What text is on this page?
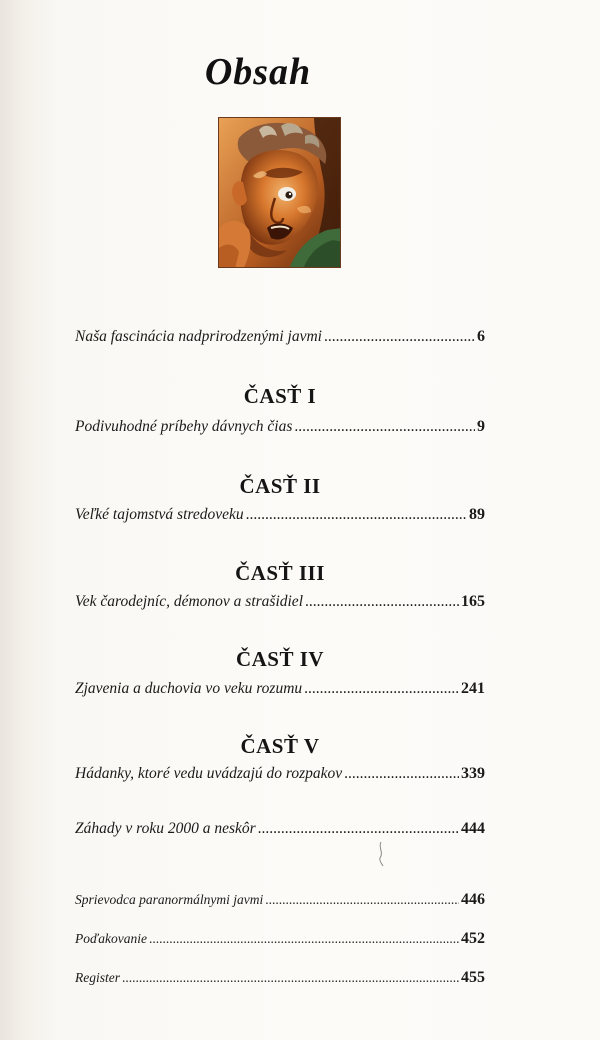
Obsah
Naša fascinácia nadprirodzenými javmi .....	6
ČASŤ I
Podivuhodné príbehy dávnych čias .....	9
ČASŤ II
Veľké tajomstvá stredoveku .....	89
ČASŤ III
Vek čarodejníc, démonov a strašidiel .....	165
ČASŤ IV
Zjavenia a duchovia vo veku rozumu .....	241
ČASŤ V
Hádanky, ktoré vedu uvádzajú do rozpakov .....	339
Záhady v roku 2000 a neskôr .....	444
Sprievodca paranormálnymi javmi .....	446
Poďakovanie .....	452
Register .....	455
